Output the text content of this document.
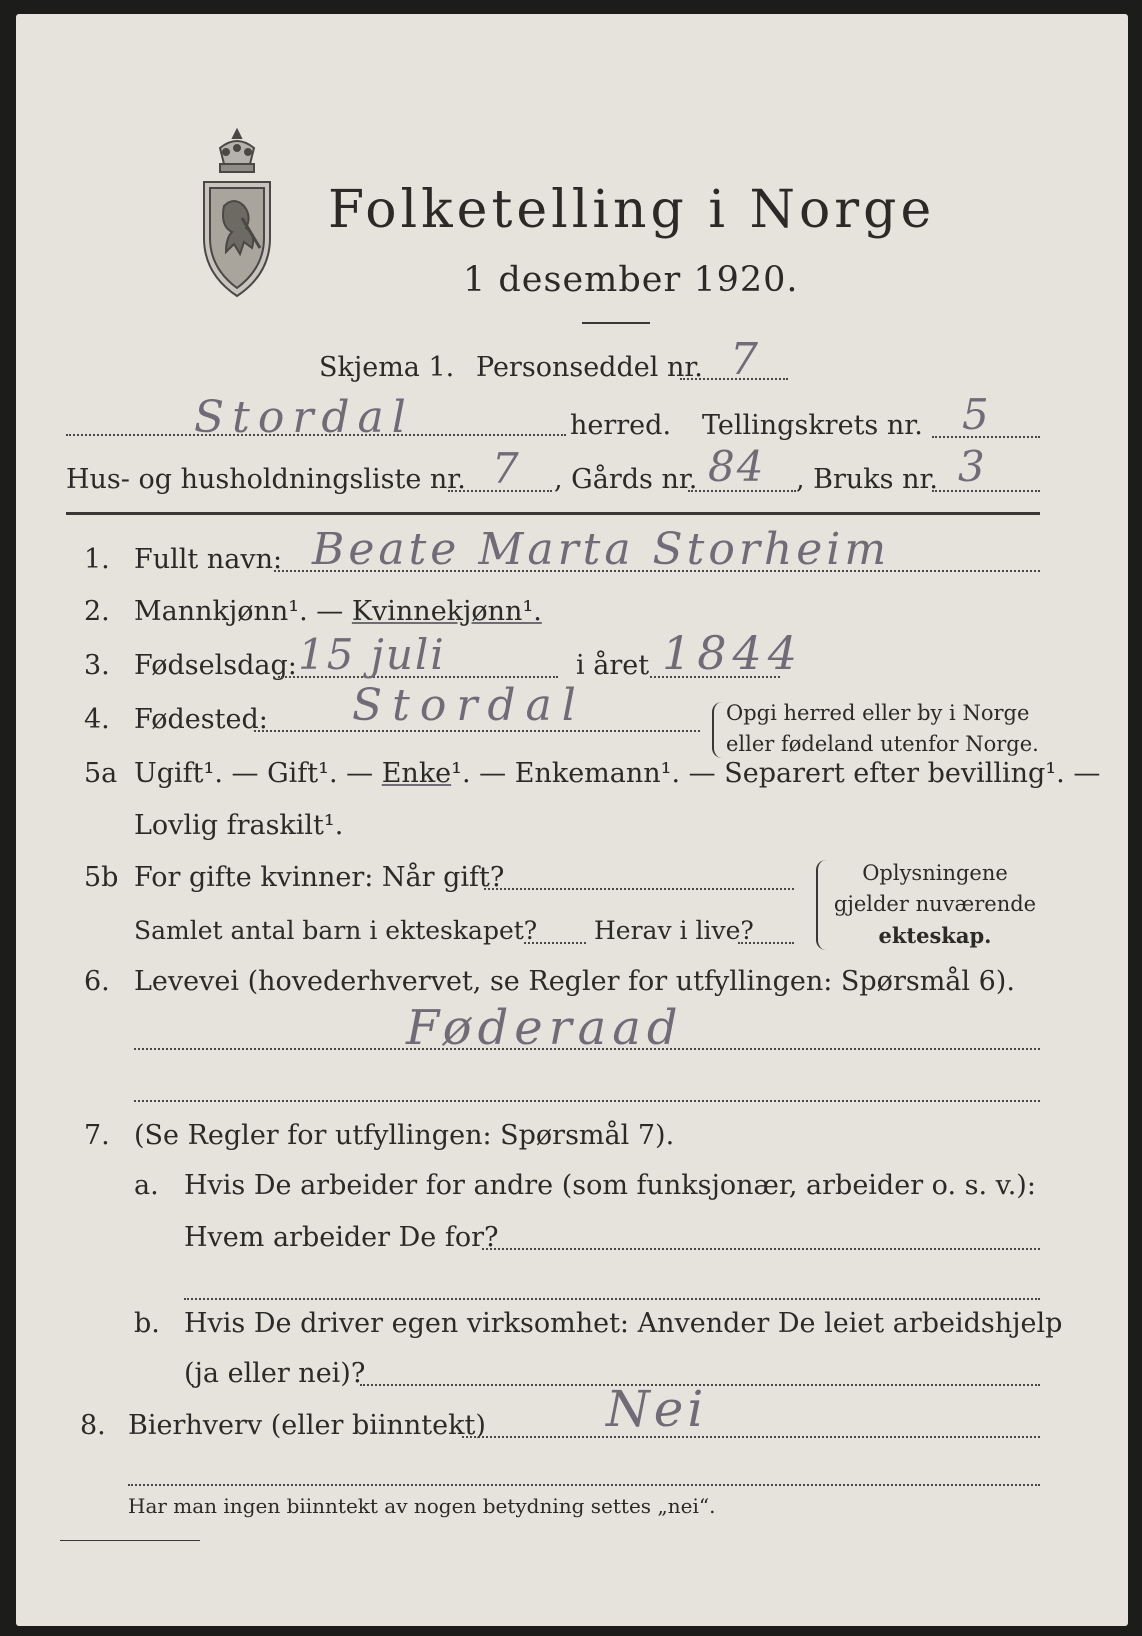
Folketelling i Norge
1 desember 1920.
Skjema 1. Personseddel nr. 7
Stordal	herred. Tellingskrets nr. 5
Hus- og husholdningsliste nr. 7 , Gårds nr. 84 , Bruks nr. 3
1. Fullt navn: Beate Marta Storheim
2. Mannkjønn¹. — Kvinnekjønn¹.
3. Fødselsdag: 15 juli	i året 1844
4. Fødested: Stordal	Opgi herred eller by i Norge
eller fødeland utenfor Norge.
5a Ugift¹. — Gift¹. — Enke¹. — Enkemann¹. — Separert efter bevilling¹. —
Lovlig fraskilt¹.
5b For gifte kvinner: Når gift?
Samlet antal barn i ekteskapet? Herav i live?
Oplysningene
gjelder nuværende
ekteskap.
6. Levevei (hovederhvervet, se Regler for utfyllingen: Spørsmål 6).
Føderaad
7. (Se Regler for utfyllingen: Spørsmål 7).
a. Hvis De arbeider for andre (som funksjonær, arbeider o. s. v.):
Hvem arbeider De for?
b. Hvis De driver egen virksomhet: Anvender De leiet arbeidshjelp
(ja eller nei)?
8. Bierhverv (eller biinntekt) Nei
Har man ingen biinntekt av nogen betydning settes „nei“.
